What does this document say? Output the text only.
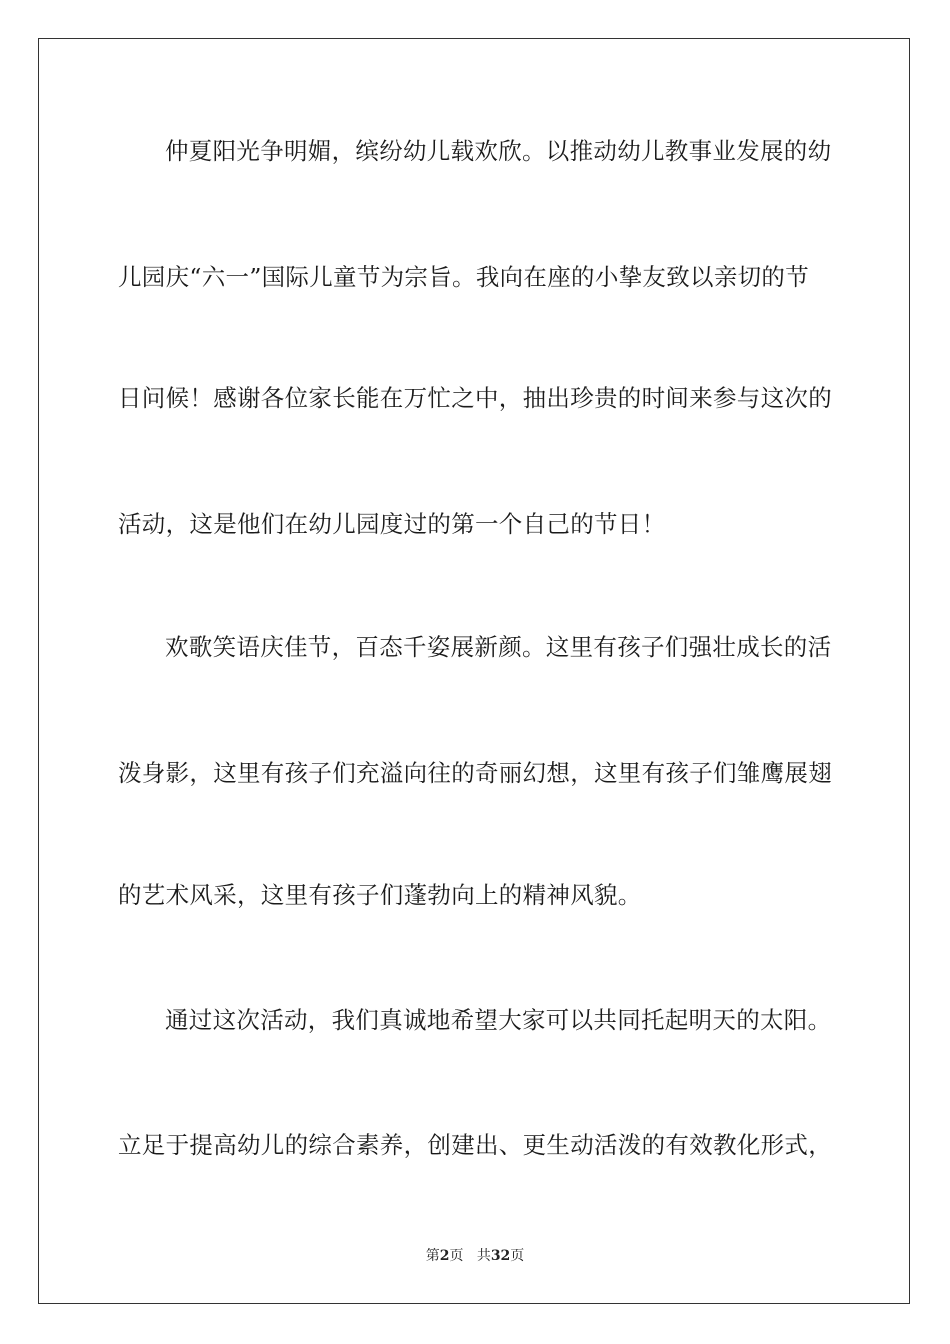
仲夏阳光争明媚，缤纷幼儿载欢欣。以推动幼儿教事业发展的幼
儿园庆“六一”国际儿童节为宗旨。我向在座的小挚友致以亲切的节
日问候！感谢各位家长能在万忙之中，抽出珍贵的时间来参与这次的
活动，这是他们在幼儿园度过的第一个自己的节日！
欢歌笑语庆佳节，百态千姿展新颜。这里有孩子们强壮成长的活
泼身影，这里有孩子们充溢向往的奇丽幻想，这里有孩子们雏鹰展翅
的艺术风采，这里有孩子们蓬勃向上的精神风貌。
通过这次活动，我们真诚地希望大家可以共同托起明天的太阳。
立足于提高幼儿的综合素养，创建出、更生动活泼的有效教化形式，
第2页 共32页
